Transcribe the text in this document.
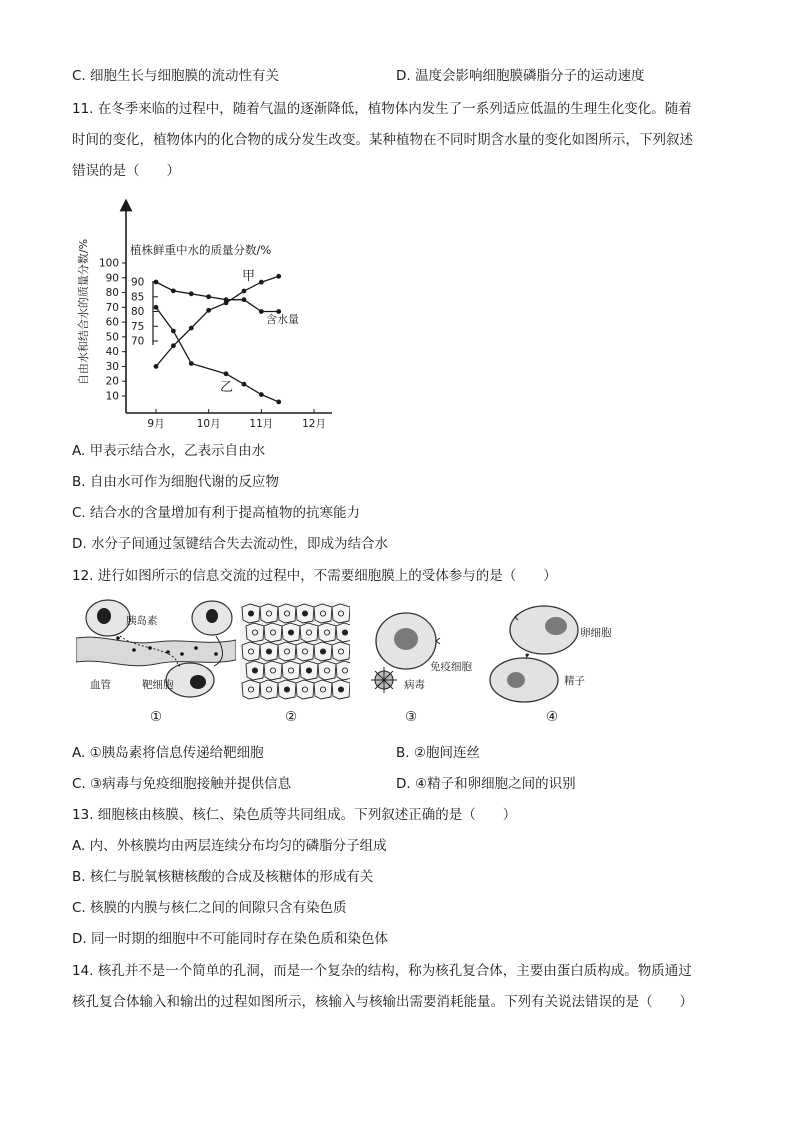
C. 细胞生长与细胞膜的流动性有关	D. 温度会影响细胞膜磷脂分子的运动速度
11. 在冬季来临的过程中，随着气温的逐渐降低，植物体内发生了一系列适应低温的生理生化变化。随着
时间的变化，植物体内的化合物的成分发生改变。某种植物在不同时期含水量的变化如图所示，下列叙述
错误的是（　　）
自由水和结合水的质量分数/%	植株鲜重中水的质量分数/%
10
20
30
40
50
60
70
80
90
100
70
75
80
85
90
9月	10月	11月	12月
甲
乙
含水量
A. 甲表示结合水，乙表示自由水
B. 自由水可作为细胞代谢的反应物
C. 结合水的含量增加有利于提高植物的抗寒能力
D. 水分子间通过氢键结合失去流动性，即成为结合水
12. 进行如图所示的信息交流的过程中，不需要细胞膜上的受体参与的是（　　）
胰岛素
血管	靶细胞
①	②
免疫细胞
病毒
③
卵细胞
精子
④
A. ①胰岛素将信息传递给靶细胞	B. ②胞间连丝
C. ③病毒与免疫细胞接触并提供信息	D. ④精子和卵细胞之间的识别
13. 细胞核由核膜、核仁、染色质等共同组成。下列叙述正确的是（　　）
A. 内、外核膜均由两层连续分布均匀的磷脂分子组成
B. 核仁与脱氧核糖核酸的合成及核糖体的形成有关
C. 核膜的内膜与核仁之间的间隙只含有染色质
D. 同一时期的细胞中不可能同时存在染色质和染色体
14. 核孔并不是一个简单的孔洞，而是一个复杂的结构，称为核孔复合体，主要由蛋白质构成。物质通过
核孔复合体输入和输出的过程如图所示，核输入与核输出需要消耗能量。下列有关说法错误的是（　　）
